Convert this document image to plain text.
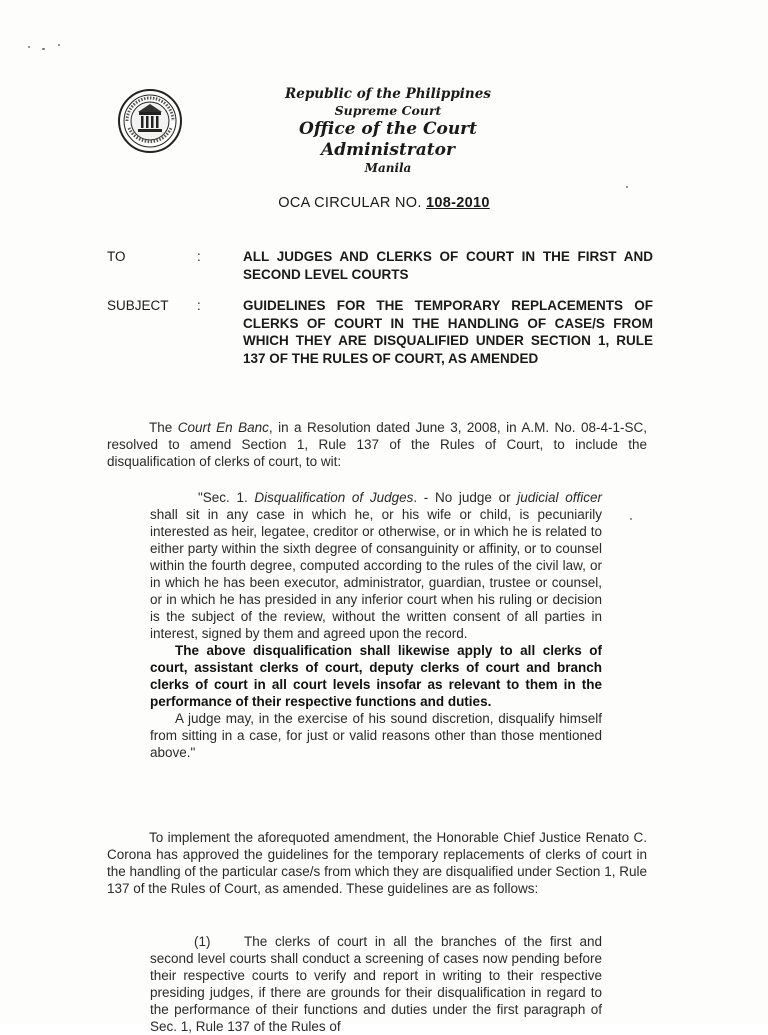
Republic of the Philippines
Supreme Court
Office of the Court Administrator
Manila
OCA CIRCULAR NO. 108-2010
TO	:	ALL JUDGES AND CLERKS OF COURT IN THE FIRST AND SECOND LEVEL COURTS
SUBJECT :	GUIDELINES FOR THE TEMPORARY REPLACEMENTS OF CLERKS OF COURT IN THE HANDLING OF CASE/S FROM WHICH THEY ARE DISQUALIFIED UNDER SECTION 1, RULE 137 OF THE RULES OF COURT, AS AMENDED
The Court En Banc, in a Resolution dated June 3, 2008, in A.M. No. 08-4-1-SC, resolved to amend Section 1, Rule 137 of the Rules of Court, to include the disqualification of clerks of court, to wit:

"Sec. 1. Disqualification of Judges. - No judge or judicial officer shall sit in any case in which he, or his wife or child, is pecuniarily interested as heir, legatee, creditor or otherwise, or in which he is related to either party within the sixth degree of consanguinity or affinity, or to counsel within the fourth degree, computed according to the rules of the civil law, or in which he has been executor, administrator, guardian, trustee or counsel, or in which he has presided in any inferior court when his ruling or decision is the subject of the review, without the written consent of all parties in interest, signed by them and agreed upon the record.

The above disqualification shall likewise apply to all clerks of court, assistant clerks of court, deputy clerks of court and branch clerks of court in all court levels insofar as relevant to them in the performance of their respective functions and duties.

A judge may, in the exercise of his sound discretion, disqualify himself from sitting in a case, for just or valid reasons other than those mentioned above."

To implement the aforequoted amendment, the Honorable Chief Justice Renato C. Corona has approved the guidelines for the temporary replacements of clerks of court in the handling of the particular case/s from which they are disqualified under Section 1, Rule 137 of the Rules of Court, as amended. These guidelines are as follows:
(1) The clerks of court in all the branches of the first and second level courts shall conduct a screening of cases now pending before their respective courts to verify and report in writing to their respective presiding judges, if there are grounds for their disqualification in regard to the performance of their functions and duties under the first paragraph of Sec. 1, Rule 137 of the Rules of
